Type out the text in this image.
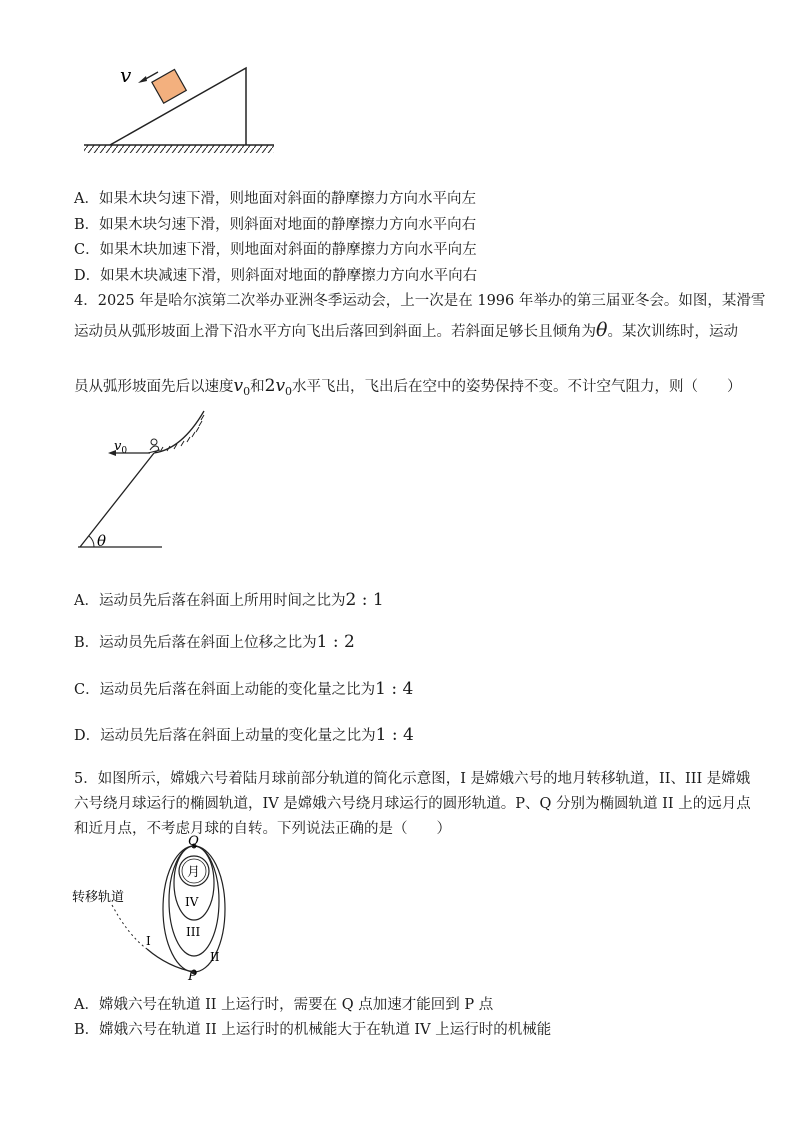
v
A．如果木块匀速下滑，则地面对斜面的静摩擦力方向水平向左
B．如果木块匀速下滑，则斜面对地面的静摩擦力方向水平向右
C．如果木块加速下滑，则地面对斜面的静摩擦力方向水平向左
D．如果木块减速下滑，则斜面对地面的静摩擦力方向水平向右
4．2025 年是哈尔滨第二次举办亚洲冬季运动会，上一次是在 1996 年举办的第三届亚冬会。如图，某滑雪
运动员从弧形坡面上滑下沿水平方向飞出后落回到斜面上。若斜面足够长且倾角为θ。某次训练时，运动
员从弧形坡面先后以速度$v_0$和$2v_0$水平飞出，飞出后在空中的姿势保持不变。不计空气阻力，则（　　）
θ
$v_0$
A．运动员先后落在斜面上所用时间之比为2 : 1
B．运动员先后落在斜面上位移之比为1 : 2
C．运动员先后落在斜面上动能的变化量之比为1 : 4
D．运动员先后落在斜面上动量的变化量之比为1 : 4
5．如图所示，嫦娥六号着陆月球前部分轨道的简化示意图，I 是嫦娥六号的地月转移轨道，II、III 是嫦娥
六号绕月球运行的椭圆轨道，IV 是嫦娥六号绕月球运行的圆形轨道。P、Q 分别为椭圆轨道 II 上的远月点
和近月点，不考虑月球的自转。下列说法正确的是（　　）
月
Q
P
转移轨道
I
II
III
IV
A．嫦娥六号在轨道 II 上运行时，需要在 Q 点加速才能回到 P 点
B．嫦娥六号在轨道 II 上运行时的机械能大于在轨道 IV 上运行时的机械能
